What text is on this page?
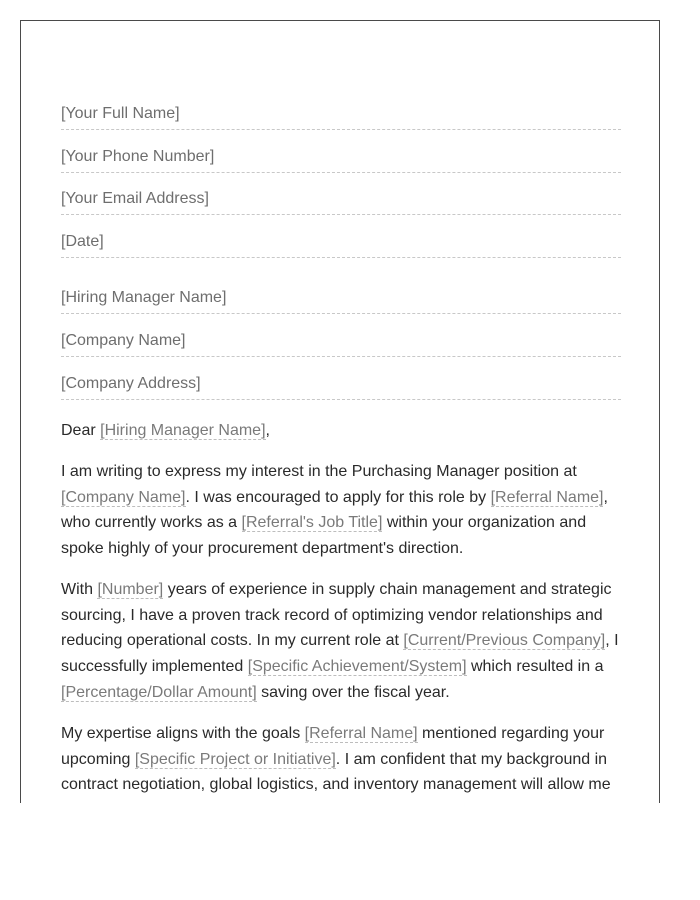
[Your Full Name]
[Your Phone Number]
[Your Email Address]
[Date]
[Hiring Manager Name]
[Company Name]
[Company Address]

Dear [Hiring Manager Name],

I am writing to express my interest in the Purchasing Manager position at [Company Name]. I was encouraged to apply for this role by [Referral Name], who currently works as a [Referral's Job Title] within your organization and spoke highly of your procurement department's direction.

With [Number] years of experience in supply chain management and strategic sourcing, I have a proven track record of optimizing vendor relationships and reducing operational costs. In my current role at [Current/Previous Company], I successfully implemented [Specific Achievement/System] which resulted in a [Percentage/Dollar Amount] saving over the fiscal year.

My expertise aligns with the goals [Referral Name] mentioned regarding your upcoming [Specific Project or Initiative]. I am confident that my background in contract negotiation, global logistics, and inventory management will allow me
